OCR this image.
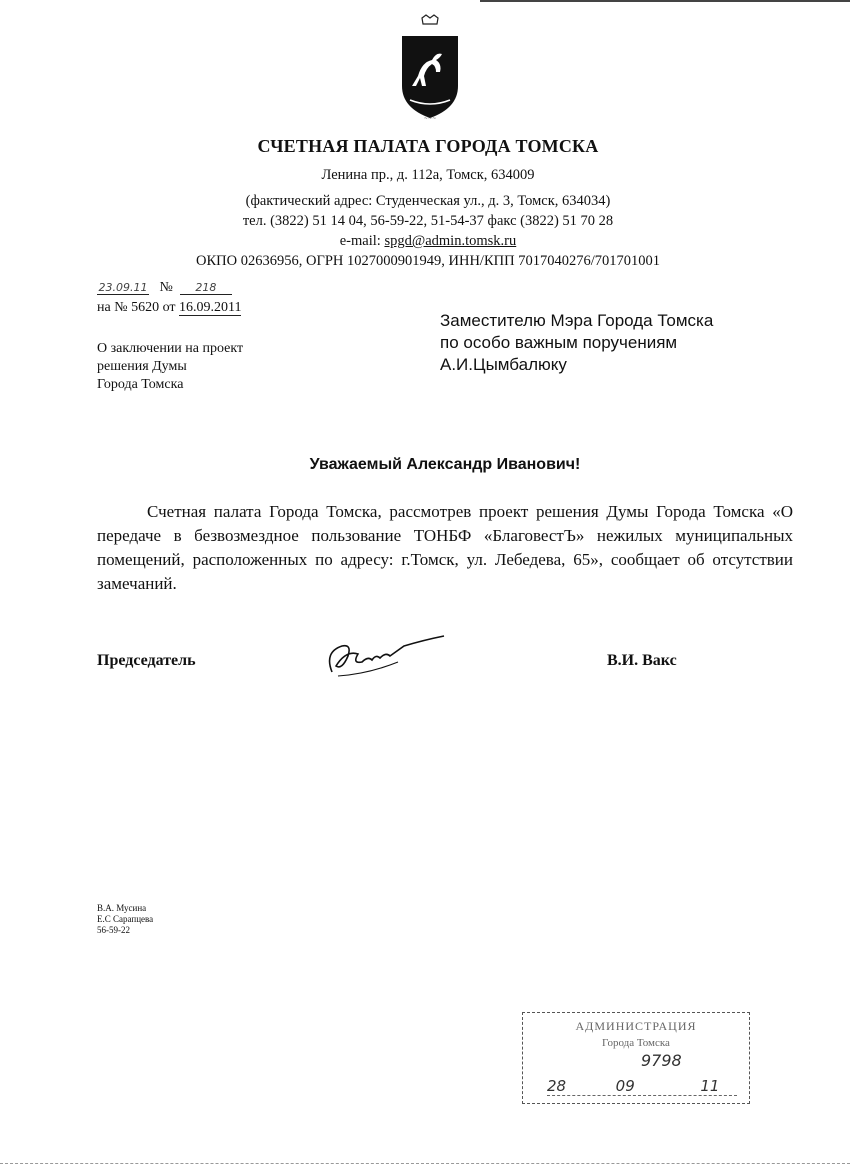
~~~
СЧЕТНАЯ ПАЛАТА ГОРОДА ТОМСКА
Ленина пр., д. 112а, Томск, 634009
(фактический адрес: Студенческая ул., д. 3, Томск, 634034)
тел. (3822) 51 14 04, 56-59-22, 51-54-37 факс (3822) 51 70 28
e-mail: spgd@admin.tomsk.ru
ОКПО 02636956, ОГРН 1027000901949, ИНН/КПП 7017040276/701701001
23.09.11 № 218
на № 5620 от 16.09.2011
О заключении на проект
решения Думы
Города Томска
Заместителю Мэра Города Томска
по особо важным поручениям
А.И.Цымбалюку
Уважаемый Александр Иванович!
Счетная палата Города Томска, рассмотрев проект решения Думы Города Томска «О передаче в безвозмездное пользование ТОНБФ «БлаговестЪ» нежилых муниципальных помещений, расположенных по адресу: г.Томск, ул. Лебедева, 65», сообщает об отсутствии замечаний.
Председатель	В.И. Вакс
В.А. Мусина
Е.С Сарапцева
56-59-22
АДМИНИСТРАЦИЯ
Города Томска
9798
28	09	11
